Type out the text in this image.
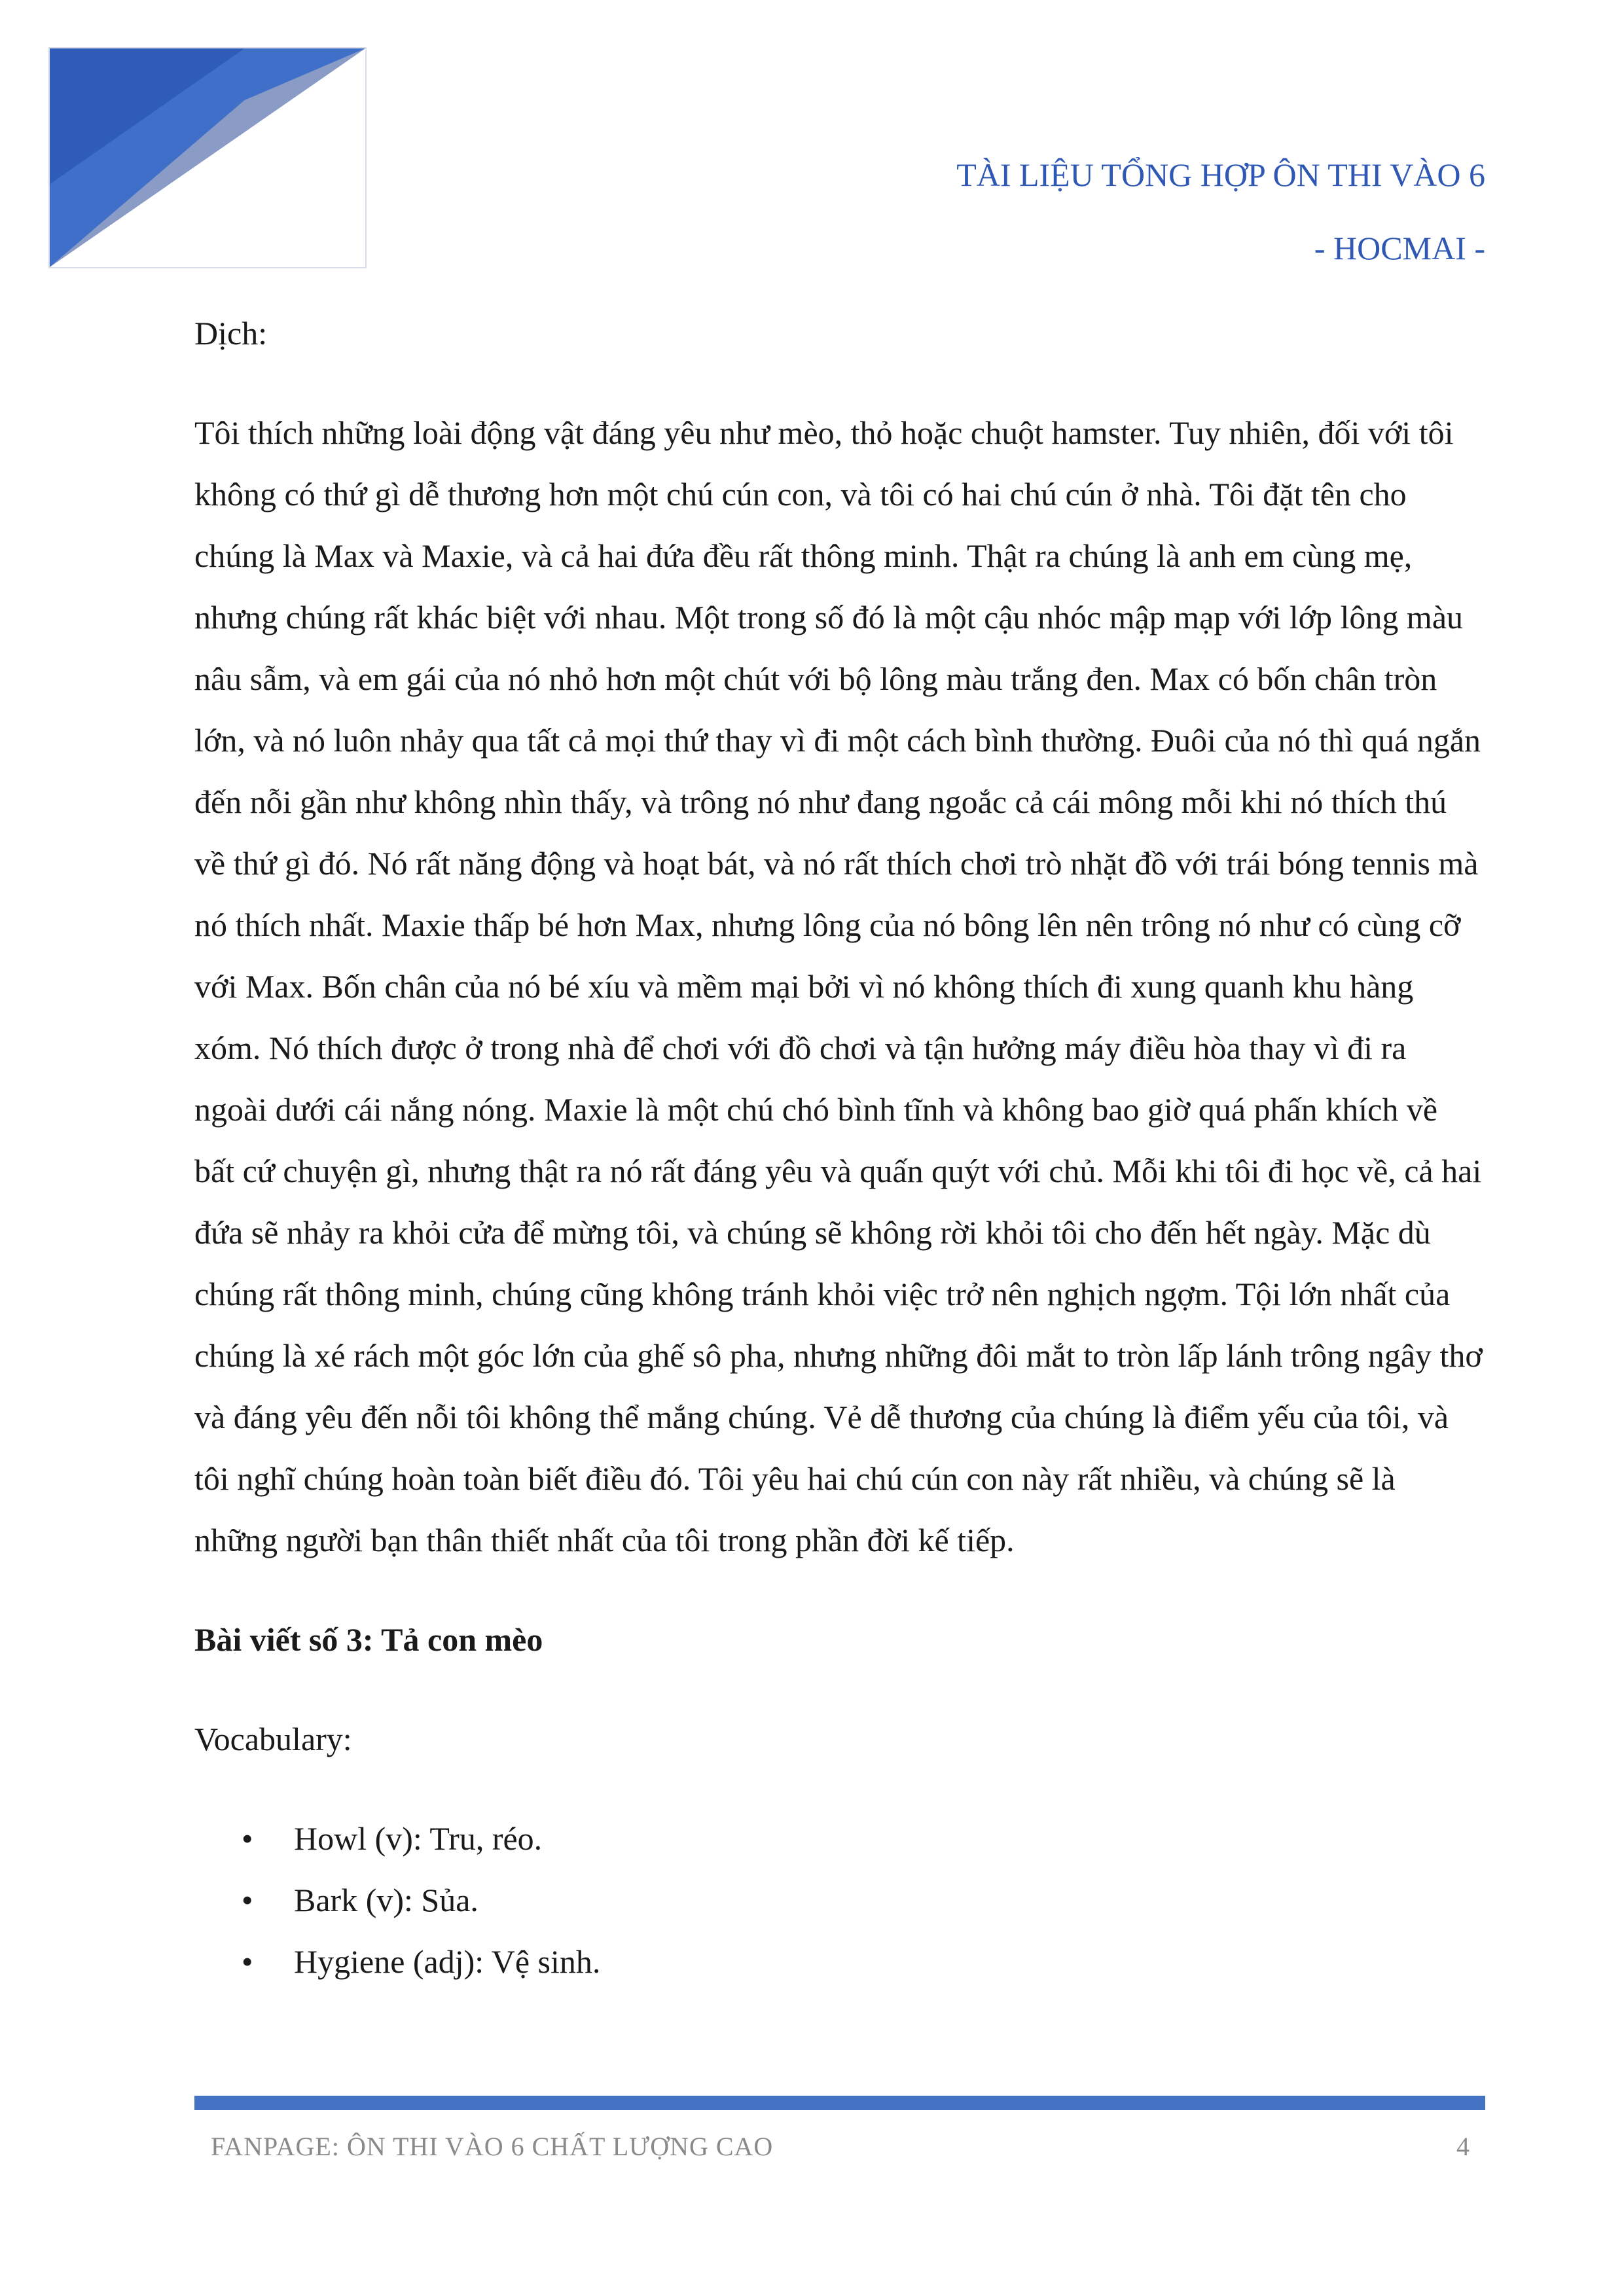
TÀI LIỆU TỔNG HỢP ÔN THI VÀO 6
- HOCMAI -

Dịch:

Tôi thích những loài động vật đáng yêu như mèo, thỏ hoặc chuột hamster. Tuy nhiên, đối với tôi không có thứ gì dễ thương hơn một chú cún con, và tôi có hai chú cún ở nhà. Tôi đặt tên cho chúng là Max và Maxie, và cả hai đứa đều rất thông minh. Thật ra chúng là anh em cùng mẹ, nhưng chúng rất khác biệt với nhau. Một trong số đó là một cậu nhóc mập mạp với lớp lông màu nâu sẫm, và em gái của nó nhỏ hơn một chút với bộ lông màu trắng đen. Max có bốn chân tròn lớn, và nó luôn nhảy qua tất cả mọi thứ thay vì đi một cách bình thường. Đuôi của nó thì quá ngắn đến nỗi gần như không nhìn thấy, và trông nó như đang ngoắc cả cái mông mỗi khi nó thích thú về thứ gì đó. Nó rất năng động và hoạt bát, và nó rất thích chơi trò nhặt đồ với trái bóng tennis mà nó thích nhất. Maxie thấp bé hơn Max, nhưng lông của nó bông lên nên trông nó như có cùng cỡ với Max. Bốn chân của nó bé xíu và mềm mại bởi vì nó không thích đi xung quanh khu hàng xóm. Nó thích được ở trong nhà để chơi với đồ chơi và tận hưởng máy điều hòa thay vì đi ra ngoài dưới cái nắng nóng. Maxie là một chú chó bình tĩnh và không bao giờ quá phấn khích về bất cứ chuyện gì, nhưng thật ra nó rất đáng yêu và quấn quýt với chủ. Mỗi khi tôi đi học về, cả hai đứa sẽ nhảy ra khỏi cửa để mừng tôi, và chúng sẽ không rời khỏi tôi cho đến hết ngày. Mặc dù chúng rất thông minh, chúng cũng không tránh khỏi việc trở nên nghịch ngợm. Tội lớn nhất của chúng là xé rách một góc lớn của ghế sô pha, nhưng những đôi mắt to tròn lấp lánh trông ngây thơ và đáng yêu đến nỗi tôi không thể mắng chúng. Vẻ dễ thương của chúng là điểm yếu của tôi, và tôi nghĩ chúng hoàn toàn biết điều đó. Tôi yêu hai chú cún con này rất nhiều, và chúng sẽ là những người bạn thân thiết nhất của tôi trong phần đời kế tiếp.

Bài viết số 3: Tả con mèo

Vocabulary:

• Howl (v): Tru, réo.
• Bark (v): Sủa.
• Hygiene (adj): Vệ sinh.
FANPAGE: ÔN THI VÀO 6 CHẤT LƯỢNG CAO	4
